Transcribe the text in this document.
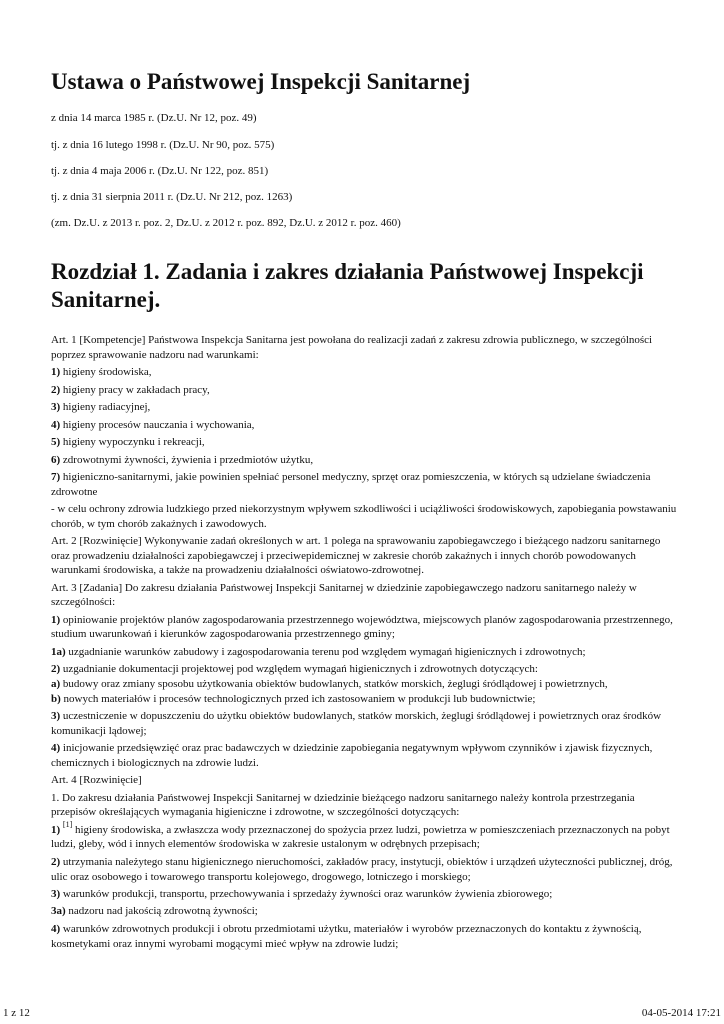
Ustawa o Państwowej Inspekcji Sanitarnej

z dnia 14 marca 1985 r. (Dz.U. Nr 12, poz. 49)

tj. z dnia 16 lutego 1998 r. (Dz.U. Nr 90, poz. 575)

tj. z dnia 4 maja 2006 r. (Dz.U. Nr 122, poz. 851)

tj. z dnia 31 sierpnia 2011 r. (Dz.U. Nr 212, poz. 1263)

(zm. Dz.U. z 2013 r. poz. 2, Dz.U. z 2012 r. poz. 892, Dz.U. z 2012 r. poz. 460)

Rozdział 1. Zadania i zakres działania Państwowej Inspekcji
Sanitarnej.

Art. 1 [Kompetencje] Państwowa Inspekcja Sanitarna jest powołana do realizacji zadań z zakresu zdrowia publicznego, w szczególności poprzez sprawowanie nadzoru nad warunkami:

1) higieny środowiska,

2) higieny pracy w zakładach pracy,

3) higieny radiacyjnej,

4) higieny procesów nauczania i wychowania,

5) higieny wypoczynku i rekreacji,

6) zdrowotnymi żywności, żywienia i przedmiotów użytku,

7) higieniczno-sanitarnymi, jakie powinien spełniać personel medyczny, sprzęt oraz pomieszczenia, w których są udzielane świadczenia zdrowotne

- w celu ochrony zdrowia ludzkiego przed niekorzystnym wpływem szkodliwości i uciążliwości środowiskowych, zapobiegania powstawaniu chorób, w tym chorób zakaźnych i zawodowych.

Art. 2 [Rozwinięcie] Wykonywanie zadań określonych w art. 1 polega na sprawowaniu zapobiegawczego i bieżącego nadzoru sanitarnego oraz prowadzeniu działalności zapobiegawczej i przeciwepidemicznej w zakresie chorób zakaźnych i innych chorób powodowanych warunkami środowiska, a także na prowadzeniu działalności oświatowo-zdrowotnej.

Art. 3 [Zadania] Do zakresu działania Państwowej Inspekcji Sanitarnej w dziedzinie zapobiegawczego nadzoru sanitarnego należy w szczególności:

1) opiniowanie projektów planów zagospodarowania przestrzennego województwa, miejscowych planów zagospodarowania przestrzennego, studium uwarunkowań i kierunków zagospodarowania przestrzennego gminy;

1a) uzgadnianie warunków zabudowy i zagospodarowania terenu pod względem wymagań higienicznych i zdrowotnych;

2) uzgadnianie dokumentacji projektowej pod względem wymagań higienicznych i zdrowotnych dotyczących:

a) budowy oraz zmiany sposobu użytkowania obiektów budowlanych, statków morskich, żeglugi śródlądowej i powietrznych,

b) nowych materiałów i procesów technologicznych przed ich zastosowaniem w produkcji lub budownictwie;

3) uczestniczenie w dopuszczeniu do użytku obiektów budowlanych, statków morskich, żeglugi śródlądowej i powietrznych oraz środków komunikacji lądowej;

4) inicjowanie przedsięwzięć oraz prac badawczych w dziedzinie zapobiegania negatywnym wpływom czynników i zjawisk fizycznych, chemicznych i biologicznych na zdrowie ludzi.

Art. 4 [Rozwinięcie]

1. Do zakresu działania Państwowej Inspekcji Sanitarnej w dziedzinie bieżącego nadzoru sanitarnego należy kontrola przestrzegania przepisów określających wymagania higieniczne i zdrowotne, w szczególności dotyczących:

1) [1] higieny środowiska, a zwłaszcza wody przeznaczonej do spożycia przez ludzi, powietrza w pomieszczeniach przeznaczonych na pobyt ludzi, gleby, wód i innych elementów środowiska w zakresie ustalonym w odrębnych przepisach;

2) utrzymania należytego stanu higienicznego nieruchomości, zakładów pracy, instytucji, obiektów i urządzeń użyteczności publicznej, dróg, ulic oraz osobowego i towarowego transportu kolejowego, drogowego, lotniczego i morskiego;

3) warunków produkcji, transportu, przechowywania i sprzedaży żywności oraz warunków żywienia zbiorowego;

3a) nadzoru nad jakością zdrowotną żywności;

4) warunków zdrowotnych produkcji i obrotu przedmiotami użytku, materiałów i wyrobów przeznaczonych do kontaktu z żywnością, kosmetykami oraz innymi wyrobami mogącymi mieć wpływ na zdrowie ludzi;

1 z 12	04-05-2014 17:21
